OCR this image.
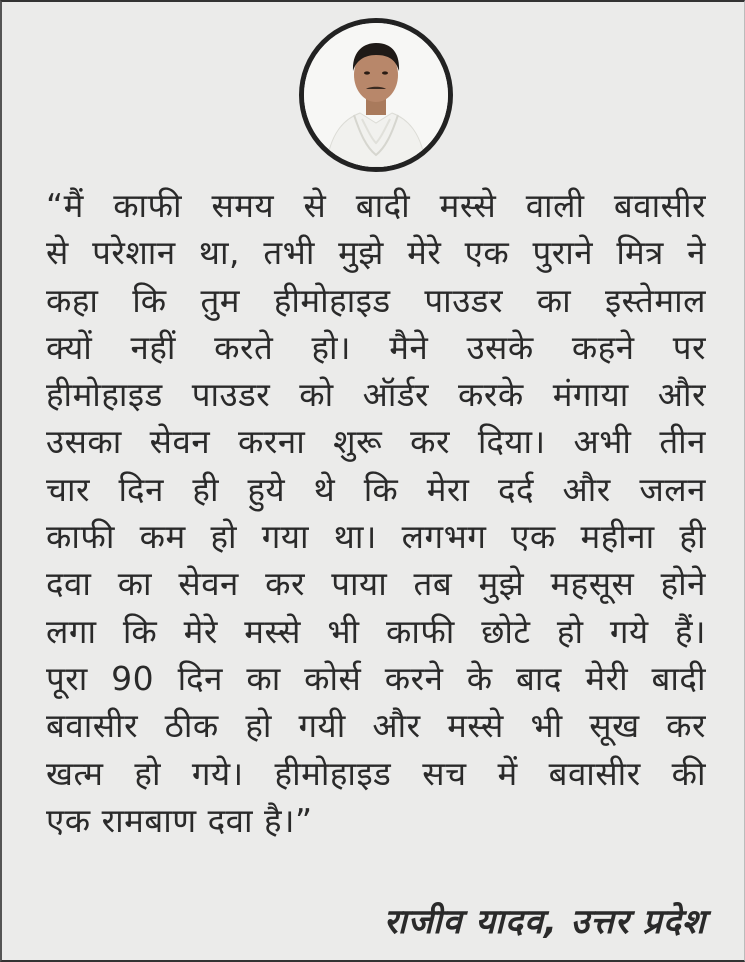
“मैं काफी समय से बादी मस्से वाली बवासीर
से परेशान था, तभी मुझे मेरे एक पुराने मित्र ने
कहा कि तुम हीमोहाइड पाउडर का इस्तेमाल
क्यों नहीं करते हो। मैने उसके कहने पर
हीमोहाइड पाउडर को ऑर्डर करके मंगाया और
उसका सेवन करना शुरू कर दिया। अभी तीन
चार दिन ही हुये थे कि मेरा दर्द और जलन
काफी कम हो गया था। लगभग एक महीना ही
दवा का सेवन कर पाया तब मुझे महसूस होने
लगा कि मेरे मस्से भी काफी छोटे हो गये हैं।
पूरा 90 दिन का कोर्स करने के बाद मेरी बादी
बवासीर ठीक हो गयी और मस्से भी सूख कर
खत्म हो गये। हीमोहाइड सच में बवासीर की
एक रामबाण दवा है।”
राजीव यादव, उत्तर प्रदेश
